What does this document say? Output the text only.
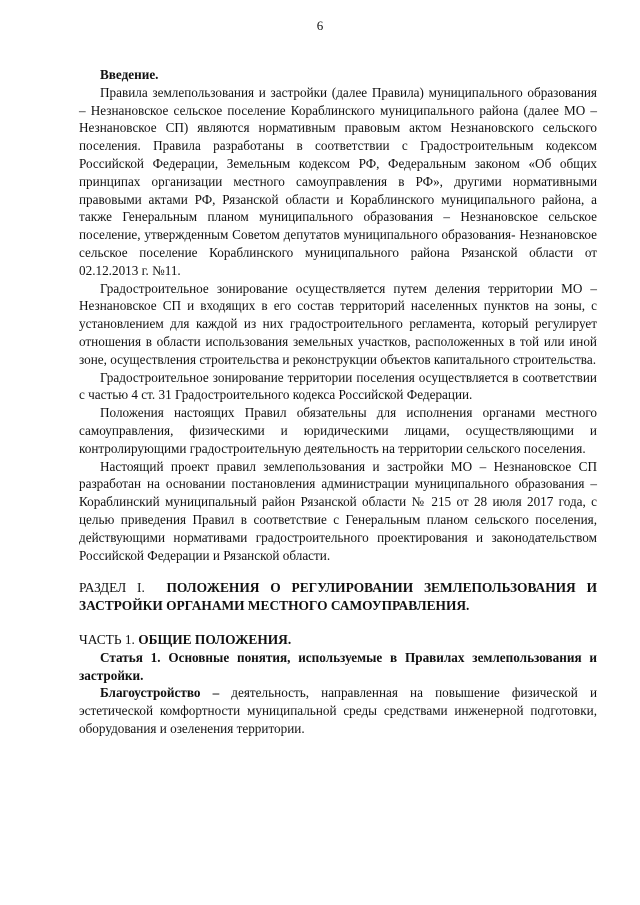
6

Введение.

Правила землепользования и застройки (далее Правила) муниципального образования – Незнановское сельское поселение Кораблинского муниципального района (далее МО – Незнановское СП) являются нормативным правовым актом Незнановского сельского поселения. Правила разработаны в соответствии с Градостроительным кодексом Российской Федерации, Земельным кодексом РФ, Федеральным законом «Об общих принципах организации местного самоуправления в РФ», другими нормативными правовыми актами РФ, Рязанской области и Кораблинского муниципального района, а также Генеральным планом муниципального образования – Незнановское сельское поселение, утвержденным Советом депутатов муниципального образования- Незнановское сельское поселение Кораблинского муниципального района Рязанской области от 02.12.2013 г. №11.

Градостроительное зонирование осуществляется путем деления территории МО – Незнановское СП и входящих в его состав территорий населенных пунктов на зоны, с установлением для каждой из них градостроительного регламента, который регулирует отношения в области использования земельных участков, расположенных в той или иной зоне, осуществления строительства и реконструкции объектов капитального строительства.

Градостроительное зонирование территории поселения осуществляется в соответствии с частью 4 ст. 31 Градостроительного кодекса Российской Федерации.

Положения настоящих Правил обязательны для исполнения органами местного самоуправления, физическими и юридическими лицами, осуществляющими и контролирующими градостроительную деятельность на территории сельского поселения.

Настоящий проект правил землепользования и застройки МО – Незнановское СП разработан на основании постановления администрации муниципального образования – Кораблинский муниципальный район Рязанской области № 215 от 28 июля 2017 года, с целью приведения Правил в соответствие с Генеральным планом сельского поселения, действующими нормативами градостроительного проектирования и законодательством Российской Федерации и Рязанской области.

РАЗДЕЛ I. ПОЛОЖЕНИЯ О РЕГУЛИРОВАНИИ ЗЕМЛЕПОЛЬЗОВАНИЯ И ЗАСТРОЙКИ ОРГАНАМИ МЕСТНОГО САМОУПРАВЛЕНИЯ.
ЧАСТЬ 1. ОБЩИЕ ПОЛОЖЕНИЯ.

Статья 1. Основные понятия, используемые в Правилах землепользования и застройки.

Благоустройство – деятельность, направленная на повышение физической и эстетической комфортности муниципальной среды средствами инженерной подготовки, оборудования и озеленения территории.
